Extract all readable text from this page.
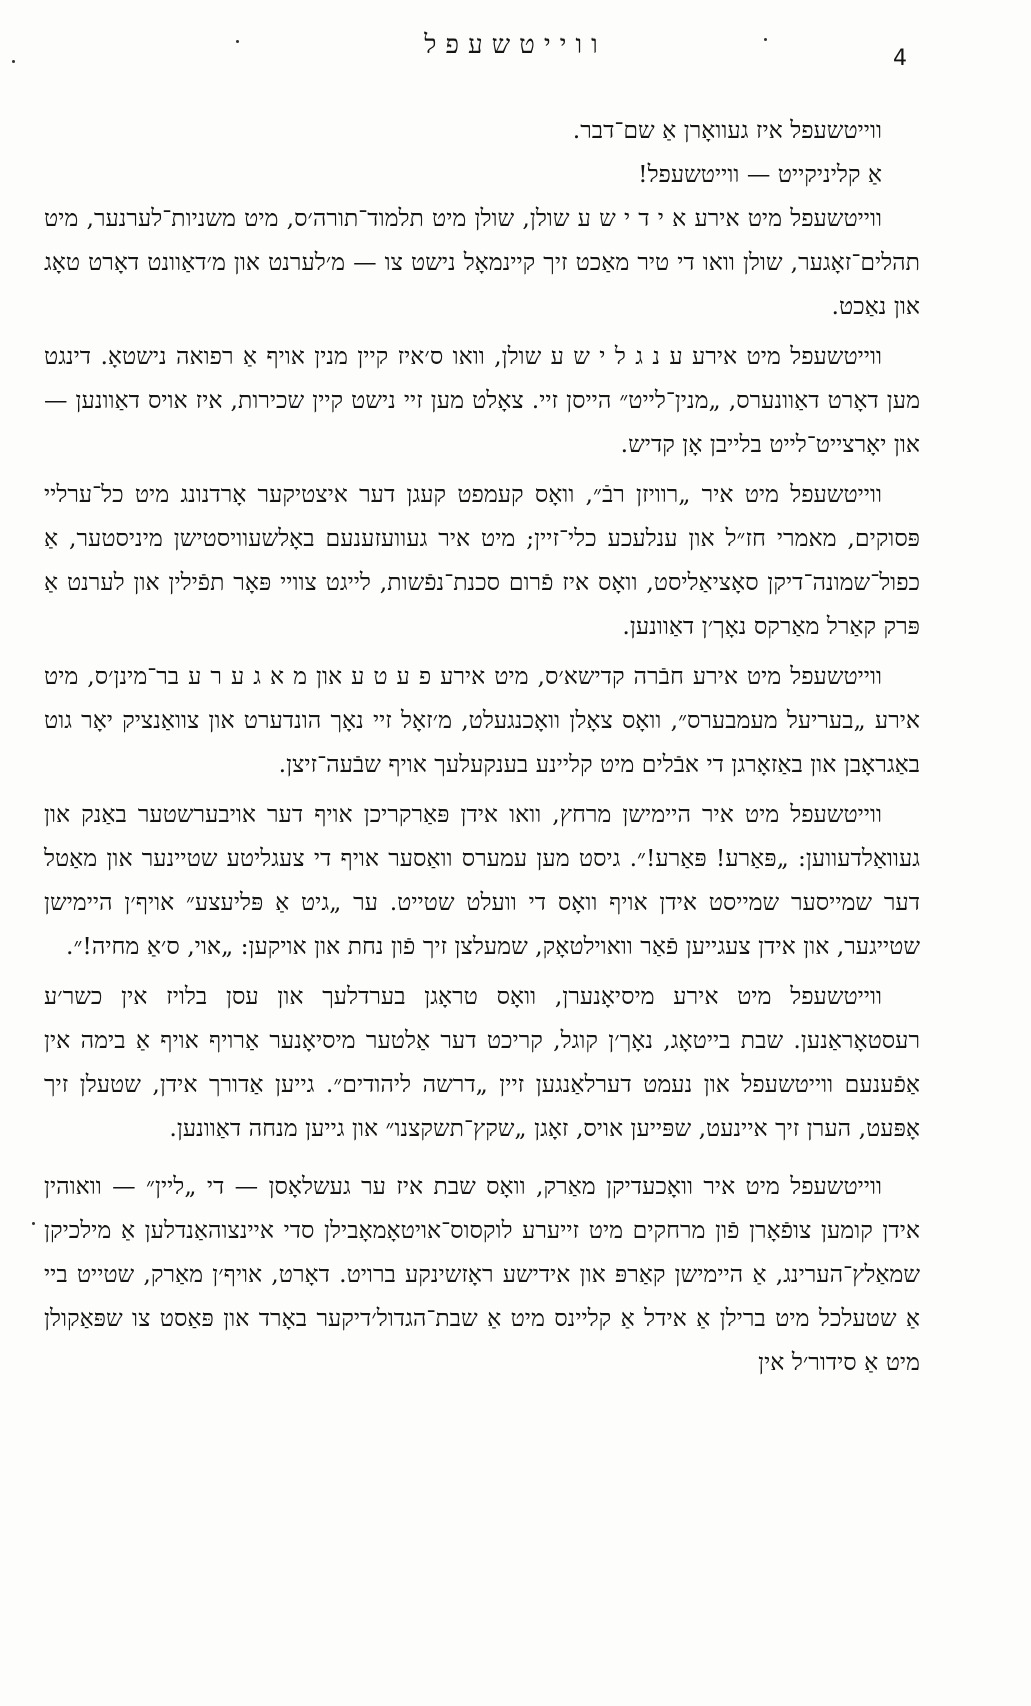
ווייטשעפל	4

ווייטשעפל איז געוואָרן אַ שם־דבר.

אַ קליניקייט — ווייטשעפל!

ווייטשעפל מיט אירע א י ד י ש ע שולן, שולן מיט תלמוד־תורה׳ס, מיט משניות־לערנער, מיט תהלים־זאָגער, שולן וואו די טיר מאַכט זיך קיינמאָל נישט צו — מ׳לערנט און מ׳דאַוונט דאָרט טאָג און נאַכט.

ווייטשעפל מיט אירע ע נ ג ל י ש ע שולן, וואו ס׳איז קיין מנין אויף אַ רפואה נישטאָ. דינגט מען דאָרט דאַוונערס, „מנין־לייט״ הייסן זיי. צאָלט מען זיי נישט קיין שכירות, איז אויס דאַוונען — און יאָרצייט־לייט בלייבן אָן קדיש.

ווייטשעפל מיט איר „רוויזן רבֿ״, וואָס קעמפט קעגן דער איצטיקער אָרדנונג מיט כל־ערליי פּסוקים, מאמרי חז״ל און ענלעכע כלי־זיין; מיט איר געוועזענעם באָלשעוויסטישן מיניסטער, אַ כפול־שמונה־דיקן סאָציאַליסט, וואָס איז פֿרום סכנת־נפֿשות, לייגט צוויי פּאָר תפֿילין און לערנט אַ פּרק קאַרל מאַרקס נאָך׳ן דאַוונען.

ווייטשעפל מיט אירע חבֿרה קדישא׳ס, מיט אירע פ ע ט ע און מ א ג ע ר ע בר־מינן׳ס, מיט אירע „בעריעל מעמבערס״, וואָס צאָלן וואָכנגעלט, מ׳זאָל זיי נאָך הונדערט און צוואַנציק יאָר גוט באַגראָבן און באַזאָרגן די אבֿלים מיט קליינע בענקעלעך אויף שבֿעה־זיצן.

ווייטשעפל מיט איר היימישן מרחץ, וואו אידן פּאַרקריכן אויף דער אויבערשטער באַנק און געוואַלדעווען: „פּאַרע! פּאַרע!״. גיסט מען עמערס וואַסער אויף די צעגליטע שטיינער און מאַטל דער שמייסער שמייסט אידן אויף וואָס די וועלט שטייט. ער „גיט אַ פּליעצע״ אויף׳ן היימישן שטייגער, און אידן צעגייען פֿאַר וואוילטאָק, שמעלצן זיך פֿון נחת און אויקען: „אוי, ס׳אַ מחיה!״.

ווייטשעפל מיט אירע מיסיאָנערן, וואָס טראָגן בערדלעך און עסן בלויז אין כשר׳ע רעסטאָראַנען. שבת בייטאָג, נאָך׳ן קוגל, קריכט דער אַלטער מיסיאָנער אַרויף אויף אַ בימה אין אַפֿענעם ווייטשעפל און נעמט דערלאַנגען זיין „דרשה ליהודים״. גייען אַדורך אידן, שטעלן זיך אָפּעט, הערן זיך איינעט, שפּייען אויס, זאָגן „שקץ־תשקצנו״ און גייען מנחה דאַוונען.

ווייטשעפל מיט איר וואָכעדיקן מאַרק, וואָס שבת איז ער געשלאָסן — די „ליין״ — וואוהין אידן קומען צופֿאָרן פֿון מרחקים מיט זייערע לוקסוס־אויטאָמאָבילן סדי איינצוהאַנדלען אַ מילכיקן שמאַלץ־הערינג, אַ היימישן קאַרפּ און אידישע ראָזשינקע ברויט. דאָרט, אויף׳ן מאַרק, שטייט ביי אַ שטעלכל מיט ברילן אַ אידל אַ קליינס מיט אַ שבת־הגדול׳דיקער באָרד און פּאַסט צו שפּאַקולן מיט אַ סידור׳ל אין
